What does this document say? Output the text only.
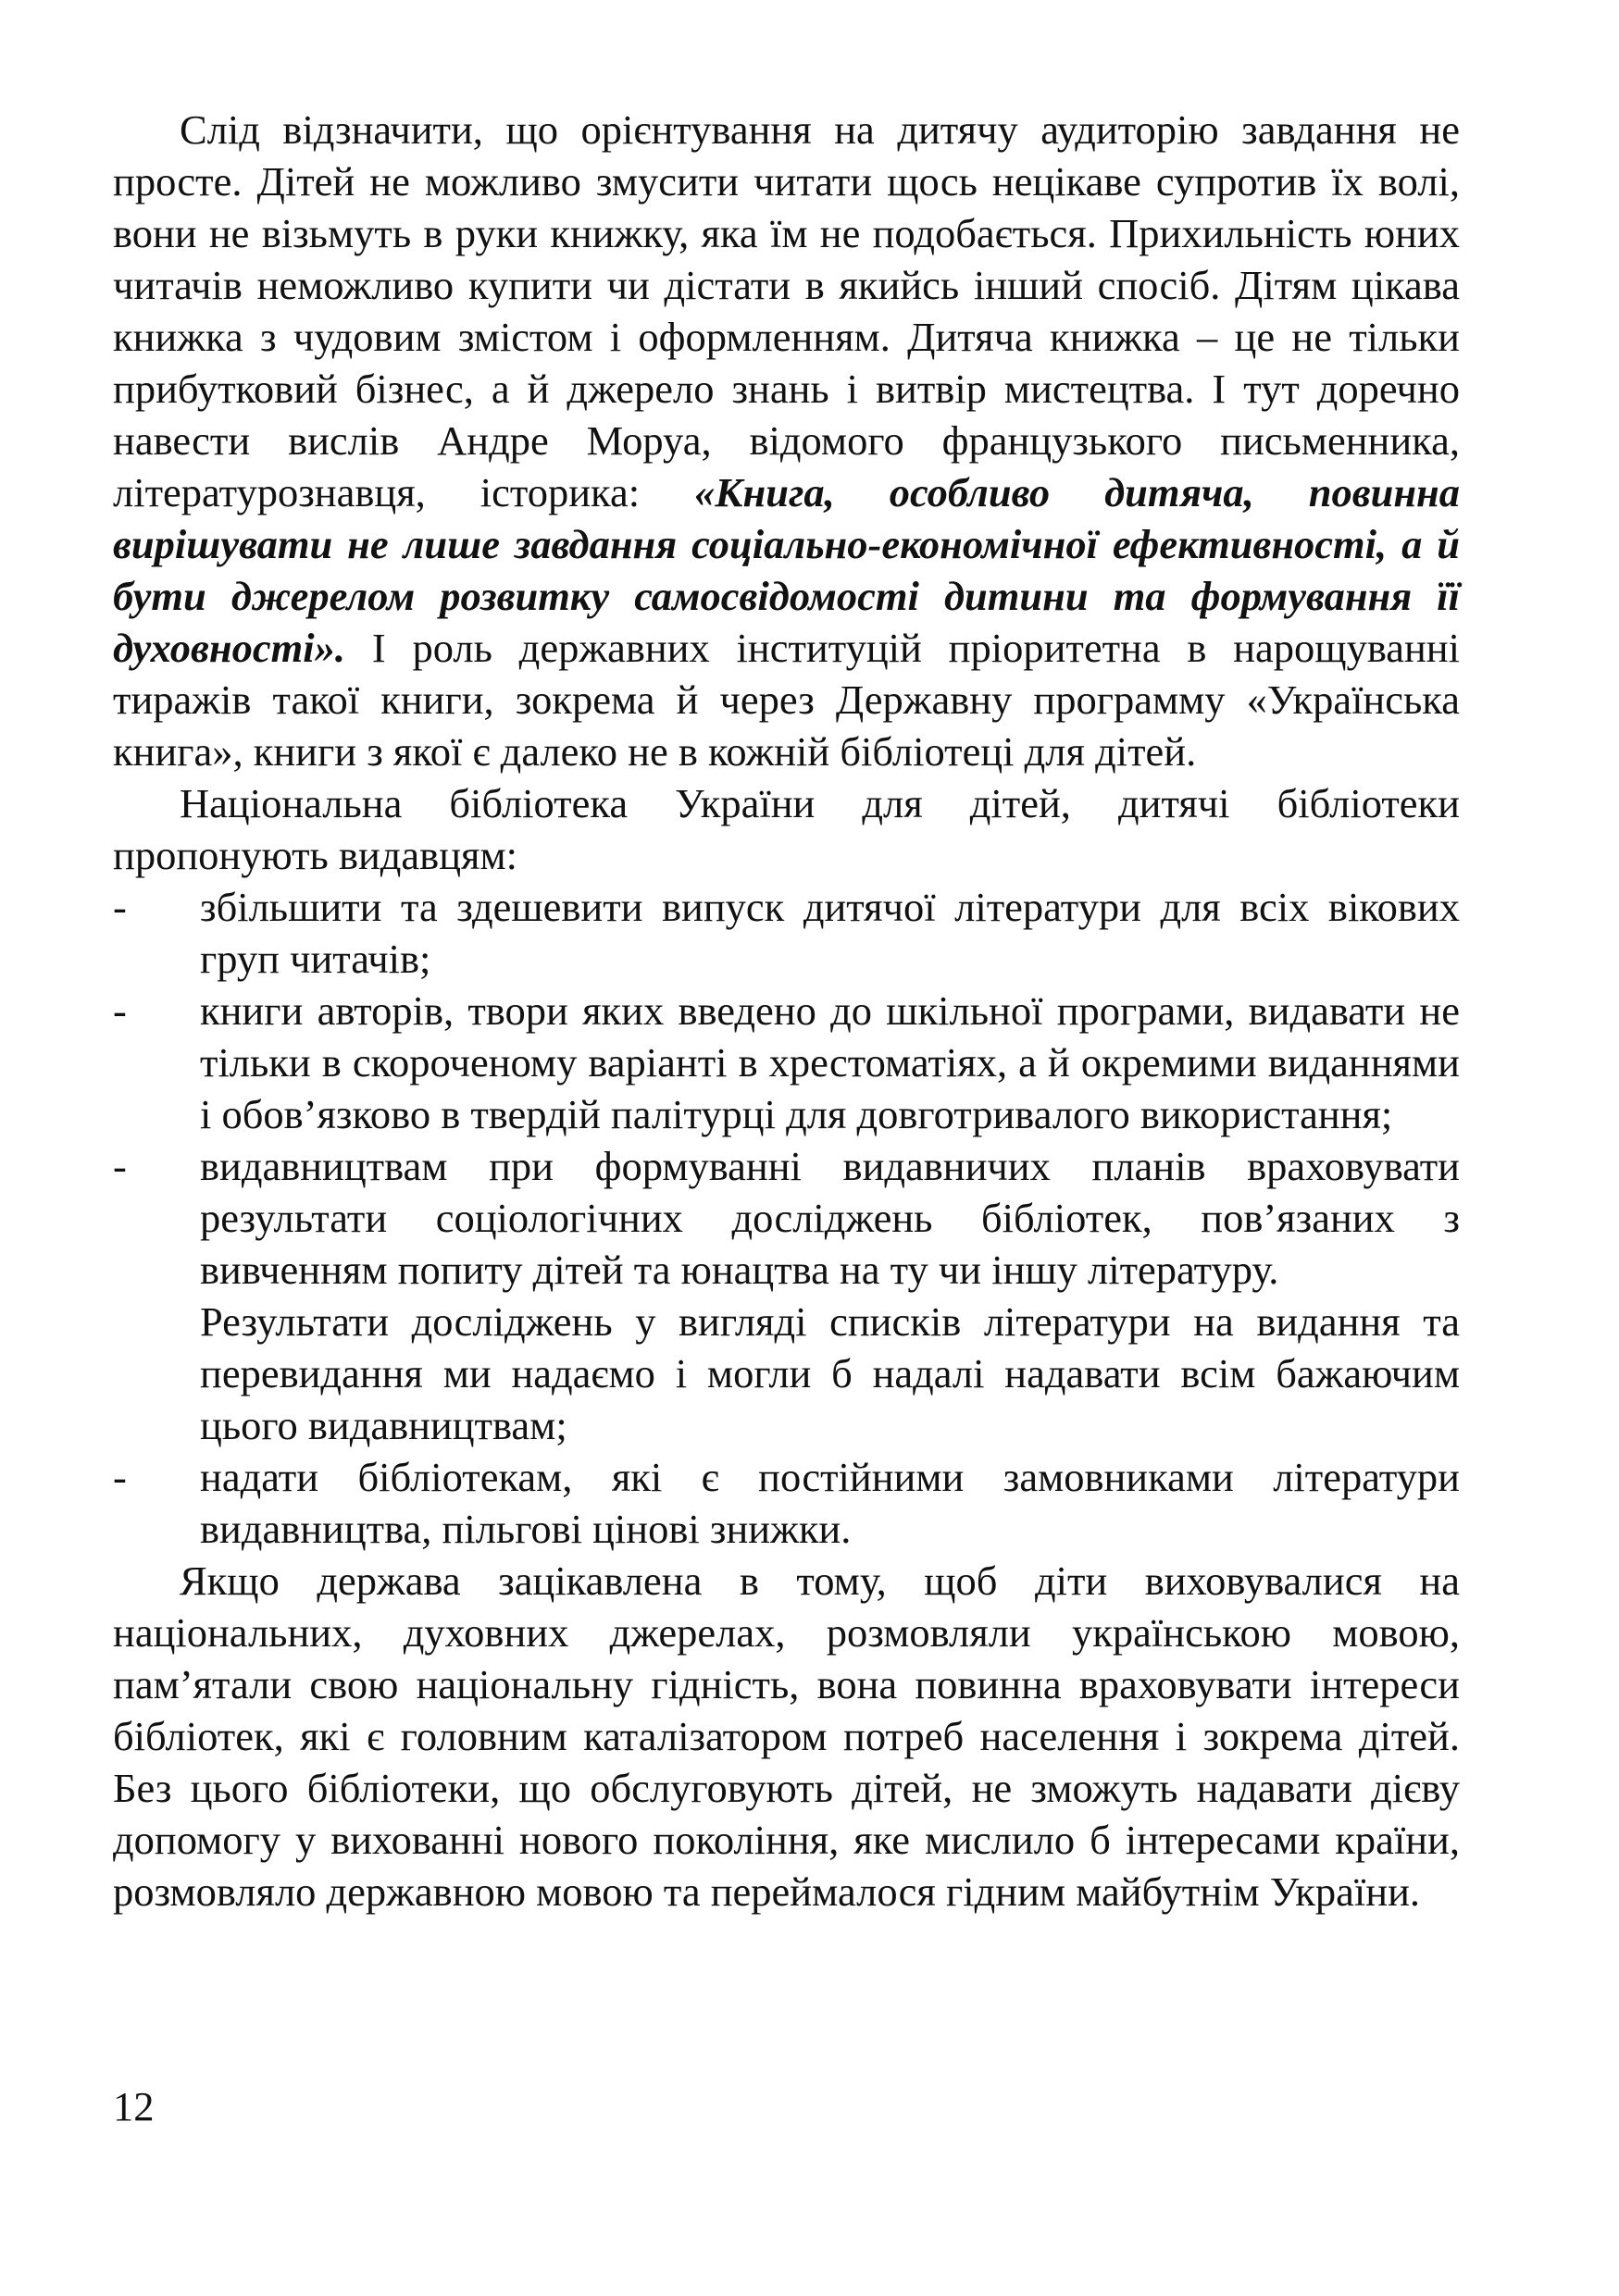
Слід відзначити, що орієнтування на дитячу аудиторію завдання не просте. Дітей не можливо змусити читати щось нецікаве супротив їх волі, вони не візьмуть в руки книжку, яка їм не подобається. Прихильність юних читачів неможливо купити чи дістати в якийсь інший спосіб. Дітям цікава книжка з чудовим змістом і оформленням. Дитяча книжка – це не тільки прибутковий бізнес, а й джерело знань і витвір мистецтва. І тут доречно навести вислів Андре Моруа, відомого французького письменника, літературознавця, історика: «Книга, особливо дитяча, повинна вирішувати не лише завдання соціально-економічної ефективності, а й бути джерелом розвитку самосвідомості дитини та формування її духовності». І роль державних інституцій пріоритетна в нарощуванні тиражів такої книги, зокрема й через Державну программу «Українська книга», книги з якої є далеко не в кожній бібліотеці для дітей.

Національна бібліотека України для дітей, дитячі бібліотеки пропонують видавцям:

-	збільшити та здешевити випуск дитячої літератури для всіх вікових груп читачів;
-	книги авторів, твори яких введено до шкільної програми, видавати не тільки в скороченому варіанті в хрестоматіях, а й окремими виданнями і обов’язково в твердій палітурці для довготривалого використання;
-	видавництвам при формуванні видавничих планів враховувати результати соціологічних досліджень бібліотек, пов’язаних з вивченням попиту дітей та юнацтва на ту чи іншу літературу.
Результати досліджень у вигляді списків літератури на видання та перевидання ми надаємо і могли б надалі надавати всім бажаючим цього видавництвам;
-	надати бібліотекам, які є постійними замовниками літератури видавництва, пільгові цінові знижки.

Якщо держава зацікавлена в тому, щоб діти виховувалися на національних, духовних джерелах, розмовляли українською мовою, пам’ятали свою національну гідність, вона повинна враховувати інтереси бібліотек, які є головним каталізатором потреб населення і зокрема дітей. Без цього бібліотеки, що обслуговують дітей, не зможуть надавати дієву допомогу у вихованні нового покоління, яке мислило б інтересами країни, розмовляло державною мовою та переймалося гідним майбутнім України.

12
